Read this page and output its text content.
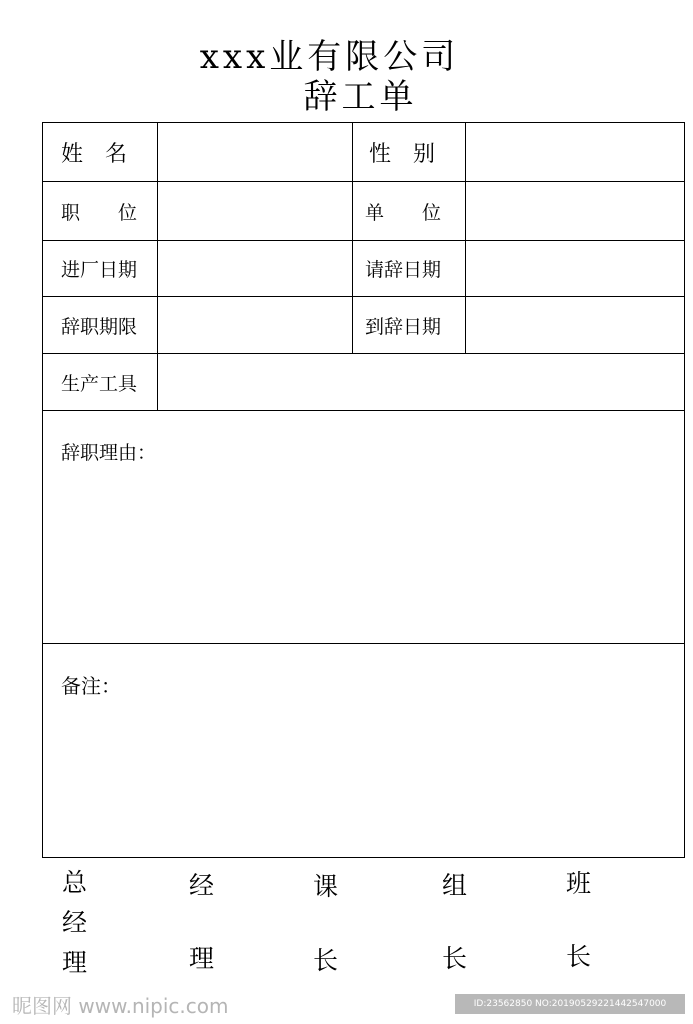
xxx业有限公司
辞工单
姓　名		性　别	
职　　位		单　　位	
进厂日期		请辞日期	
辞职期限		到辞日期	
生产工具			

辞职理由：			

备注：			
总
经
理
经
理
课
长
组
长
班
长
昵图网 www.nipic.com	ID:23562850 NO:20190529221442547000
